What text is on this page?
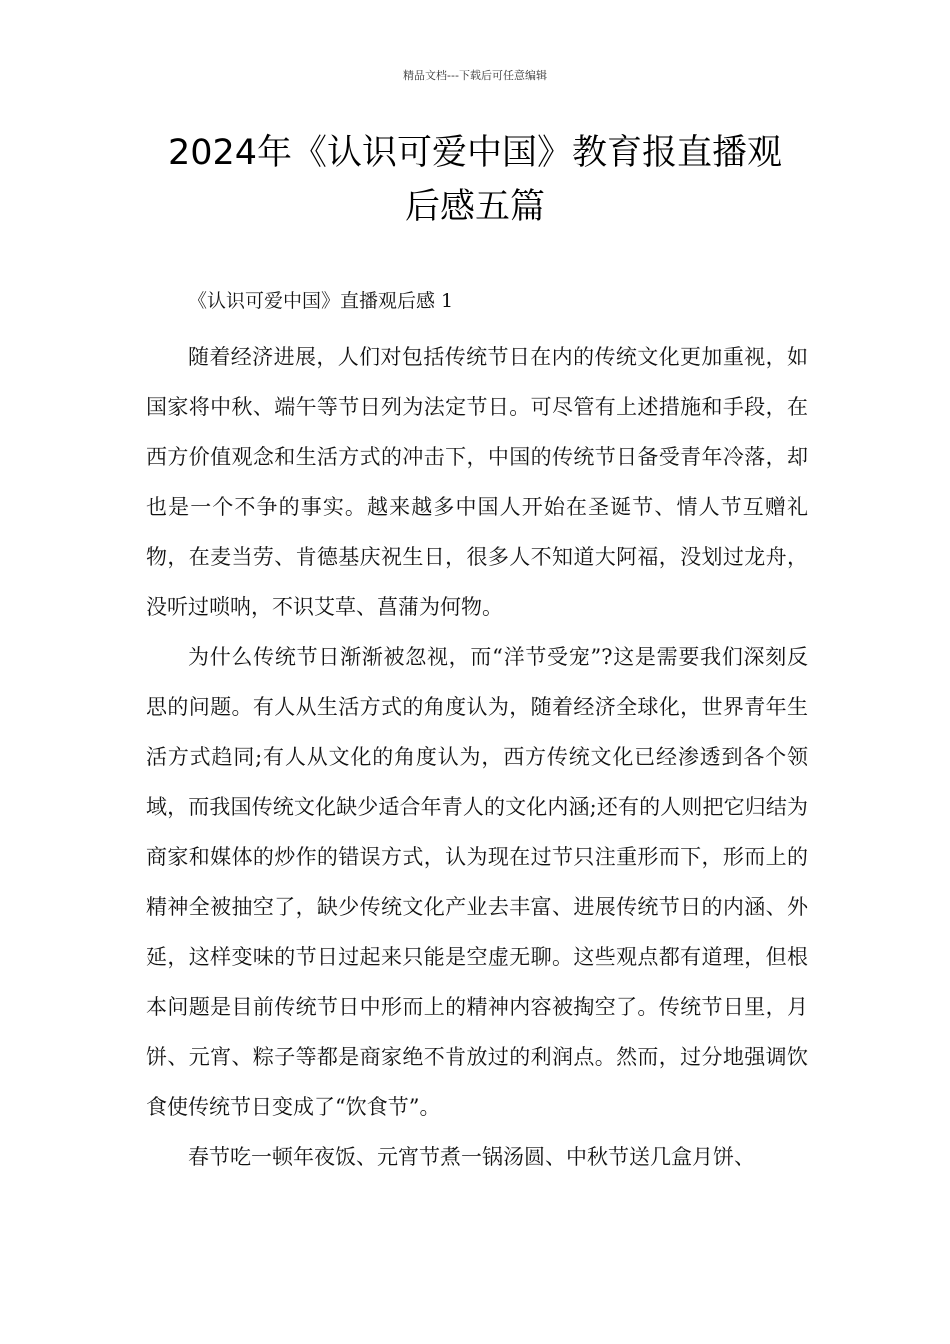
精品文档---下载后可任意编辑
2024年《认识可爱中国》教育报直播观
后感五篇
《认识可爱中国》直播观后感 1

随着经济进展，人们对包括传统节日在内的传统文化更加重视，如国家将中秋、端午等节日列为法定节日。可尽管有上述措施和手段，在西方价值观念和生活方式的冲击下，中国的传统节日备受青年冷落，却也是一个不争的事实。越来越多中国人开始在圣诞节、情人节互赠礼物，在麦当劳、肯德基庆祝生日，很多人不知道大阿福，没划过龙舟，没听过唢呐，不识艾草、菖蒲为何物。

为什么传统节日渐渐被忽视，而“洋节受宠”?这是需要我们深刻反思的问题。有人从生活方式的角度认为，随着经济全球化，世界青年生活方式趋同;有人从文化的角度认为，西方传统文化已经渗透到各个领域，而我国传统文化缺少适合年青人的文化内涵;还有的人则把它归结为商家和媒体的炒作的错误方式，认为现在过节只注重形而下，形而上的精神全被抽空了，缺少传统文化产业去丰富、进展传统节日的内涵、外延，这样变味的节日过起来只能是空虚无聊。这些观点都有道理，但根本问题是目前传统节日中形而上的精神内容被掏空了。传统节日里，月饼、元宵、粽子等都是商家绝不肯放过的利润点。然而，过分地强调饮食使传统节日变成了“饮食节”。

春节吃一顿年夜饭、元宵节煮一锅汤圆、中秋节送几盒月饼、
